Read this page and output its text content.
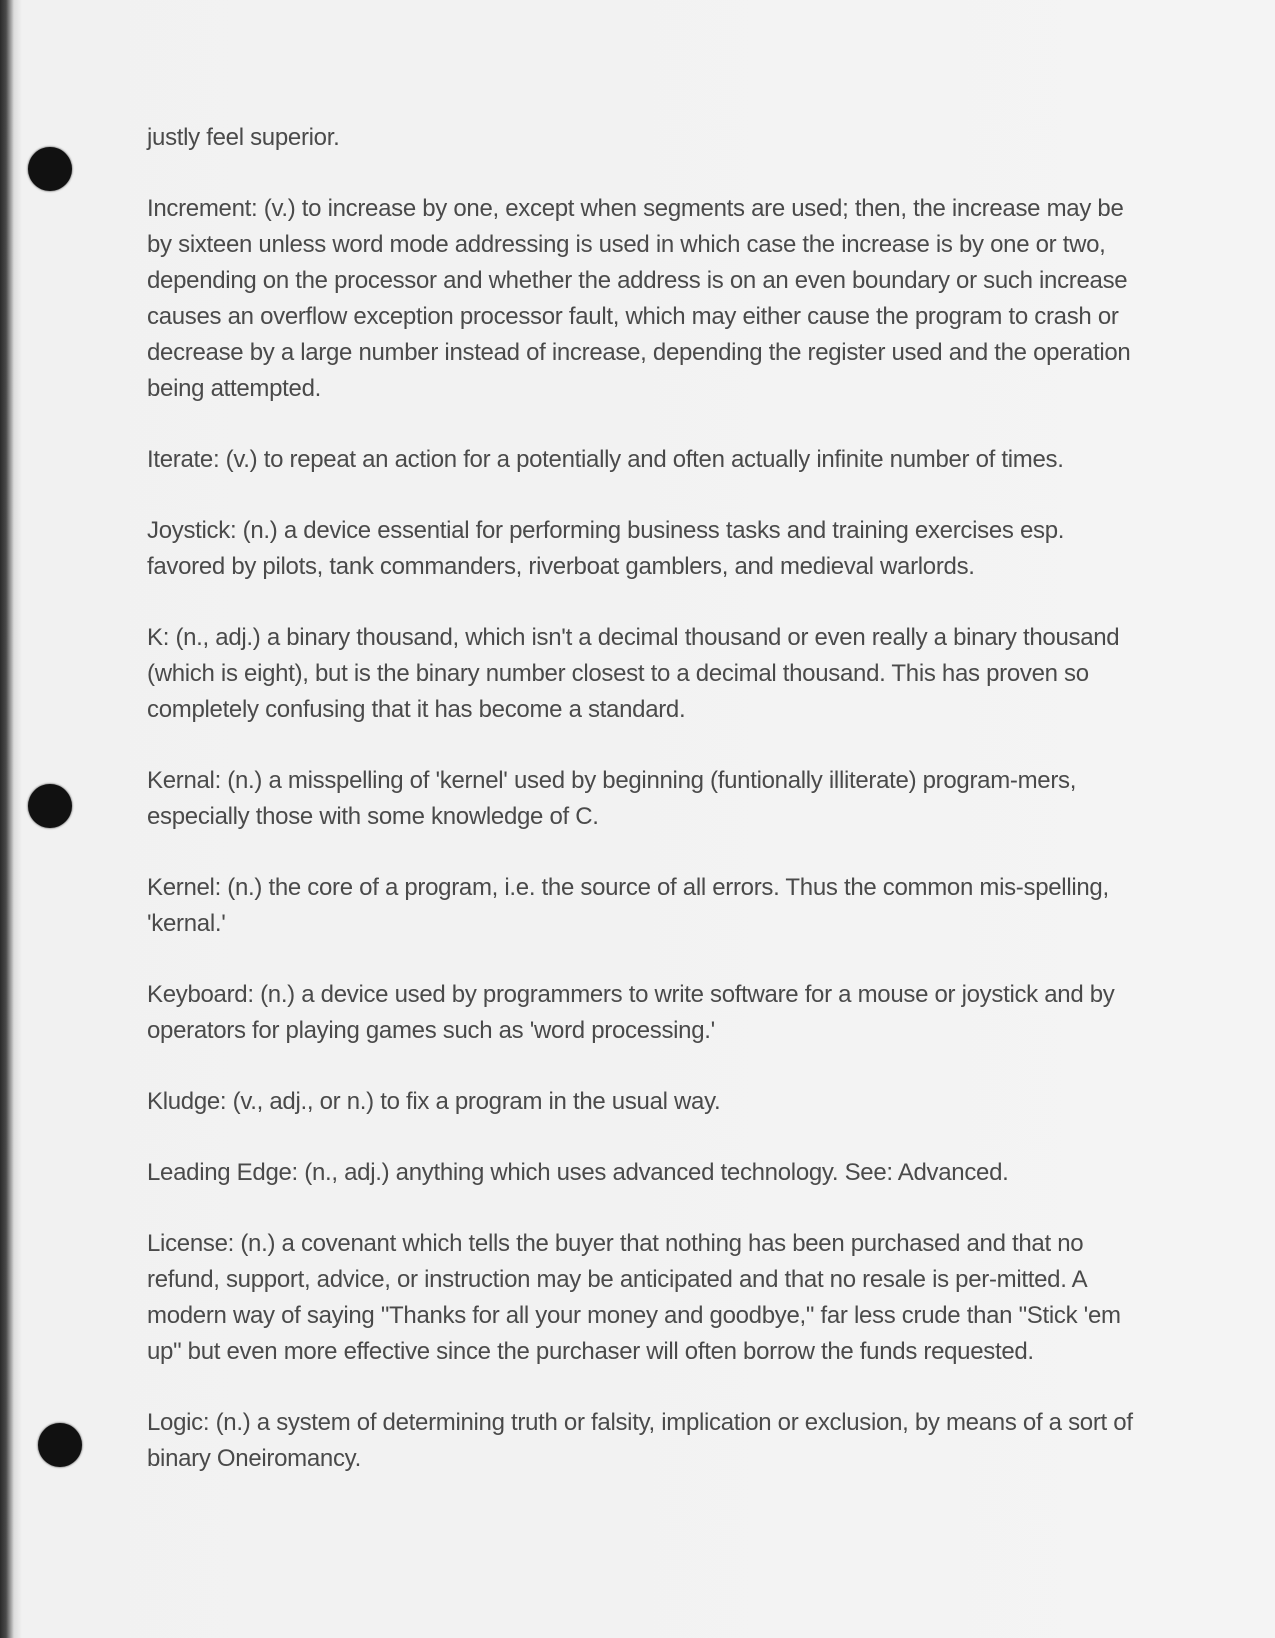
justly feel superior.

Increment: (v.) to increase by one, except when segments are used; then, the increase may be by sixteen unless word mode addressing is used in which case the increase is by one or two, depending on the processor and whether the address is on an even boundary or such increase causes an overflow exception processor fault, which may either cause the program to crash or decrease by a large number instead of increase, depending the register used and the operation being attempted.

Iterate: (v.) to repeat an action for a potentially and often actually infinite number of times.

Joystick: (n.) a device essential for performing business tasks and training exercises esp. favored by pilots, tank commanders, riverboat gamblers, and medieval warlords.

K: (n., adj.) a binary thousand, which isn't a decimal thousand or even really a binary thousand (which is eight), but is the binary number closest to a decimal thousand. This has proven so completely confusing that it has become a standard.

Kernal: (n.) a misspelling of 'kernel' used by beginning (funtionally illiterate) program-mers, especially those with some knowledge of C.

Kernel: (n.) the core of a program, i.e. the source of all errors. Thus the common mis-spelling, 'kernal.'

Keyboard: (n.) a device used by programmers to write software for a mouse or joystick and by operators for playing games such as 'word processing.'

Kludge: (v., adj., or n.) to fix a program in the usual way.

Leading Edge: (n., adj.) anything which uses advanced technology. See: Advanced.

License: (n.) a covenant which tells the buyer that nothing has been purchased and that no refund, support, advice, or instruction may be anticipated and that no resale is per-mitted. A modern way of saying "Thanks for all your money and goodbye," far less crude than "Stick 'em up" but even more effective since the purchaser will often borrow the funds requested.

Logic: (n.) a system of determining truth or falsity, implication or exclusion, by means of a sort of binary Oneiromancy.
